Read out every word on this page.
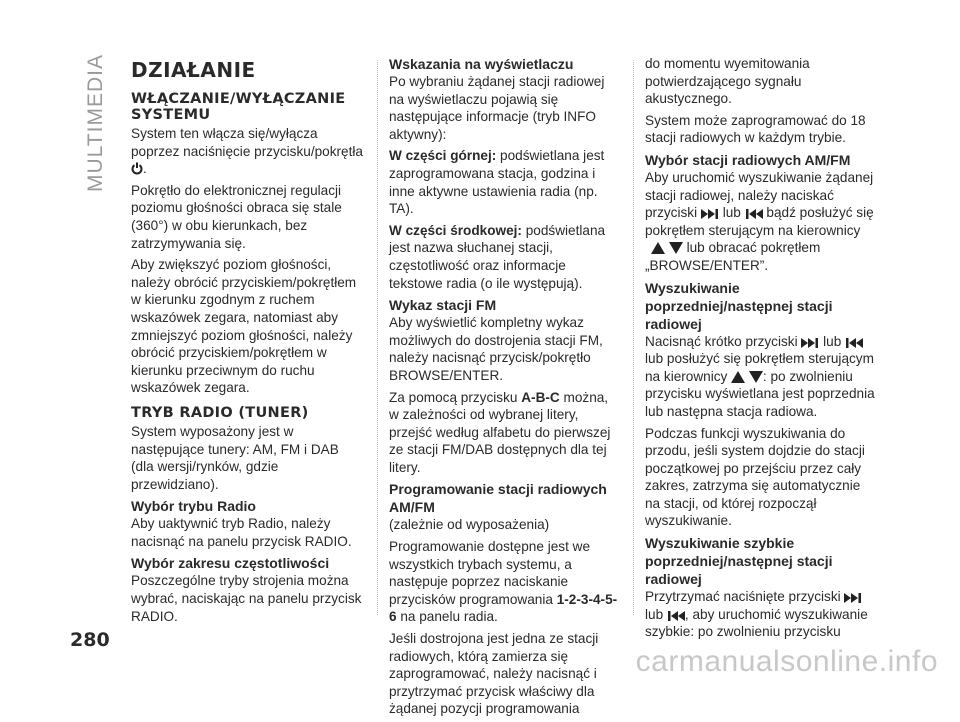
MULTIMEDIA DZIAŁANIE
WŁĄCZANIE/WYŁĄCZANIE SYSTEMU
System ten włącza się/wyłącza poprzez naciśnięcie przycisku/pokrętła .
Pokrętło do elektronicznej regulacji poziomu głośności obraca się stale (360°) w obu kierunkach, bez zatrzymywania się.
Aby zwiększyć poziom głośności, należy obrócić przyciskiem/pokrętłem w kierunku zgodnym z ruchem wskazówek zegara, natomiast aby zmniejszyć poziom głośności, należy obrócić przyciskiem/pokrętłem w kierunku przeciwnym do ruchu wskazówek zegara.
TRYB RADIO (TUNER)
System wyposażony jest w następujące tunery: AM, FM i DAB (dla wersji/rynków, gdzie przewidziano).
Wybór trybu Radio
Aby uaktywnić tryb Radio, należy nacisnąć na panelu przycisk RADIO.
Wybór zakresu częstotliwości
Poszczególne tryby strojenia można wybrać, naciskając na panelu przycisk RADIO.
Wskazania na wyświetlaczu
Po wybraniu żądanej stacji radiowej na wyświetlaczu pojawią się następujące informacje (tryb INFO aktywny):
W części górnej: podświetlana jest zaprogramowana stacja, godzina i inne aktywne ustawienia radia (np. TA).
W części środkowej: podświetlana jest nazwa słuchanej stacji, częstotliwość oraz informacje tekstowe radia (o ile występują).
Wykaz stacji FM
Aby wyświetlić kompletny wykaz możliwych do dostrojenia stacji FM, należy nacisnąć przycisk/pokrętło BROWSE/ENTER.
Za pomocą przycisku A-B-C można, w zależności od wybranej litery, przejść według alfabetu do pierwszej ze stacji FM/DAB dostępnych dla tej litery.
Programowanie stacji radiowych AM/FM
(zależnie od wyposażenia)
Programowanie dostępne jest we wszystkich trybach systemu, a następuje poprzez naciskanie przycisków programowania 1-2-3-4-5-6 na panelu radia.
Jeśli dostrojona jest jedna ze stacji radiowych, którą zamierza się zaprogramować, należy nacisnąć i przytrzymać przycisk właściwy dla żądanej pozycji programowania
do momentu wyemitowania potwierdzającego sygnału akustycznego.
System może zaprogramować do 18 stacji radiowych w każdym trybie.
Wybór stacji radiowych AM/FM
Aby uruchomić wyszukiwanie żądanej stacji radiowej, należy naciskać przyciski lub bądź posłużyć się pokrętłem sterującym na kierownicy   lub obracać pokrętłem „BROWSE/ENTER”.
Wyszukiwanie poprzedniej/następnej stacji radiowej
Nacisnąć krótko przyciski lub  lub posłużyć się pokrętłem sterującym na kierownicy	: po zwolnieniu przycisku wyświetlana jest poprzednia lub następna stacja radiowa.
Podczas funkcji wyszukiwania do przodu, jeśli system dojdzie do stacji początkowej po przejściu przez cały zakres, zatrzyma się automatycznie na stacji, od której rozpoczął wyszukiwanie.
Wyszukiwanie szybkie poprzedniej/następnej stacji radiowej
Przytrzymać naciśnięte przyciski  lub , aby uruchomić wyszukiwanie szybkie: po zwolnieniu przycisku
280
carmanualsonline.info
